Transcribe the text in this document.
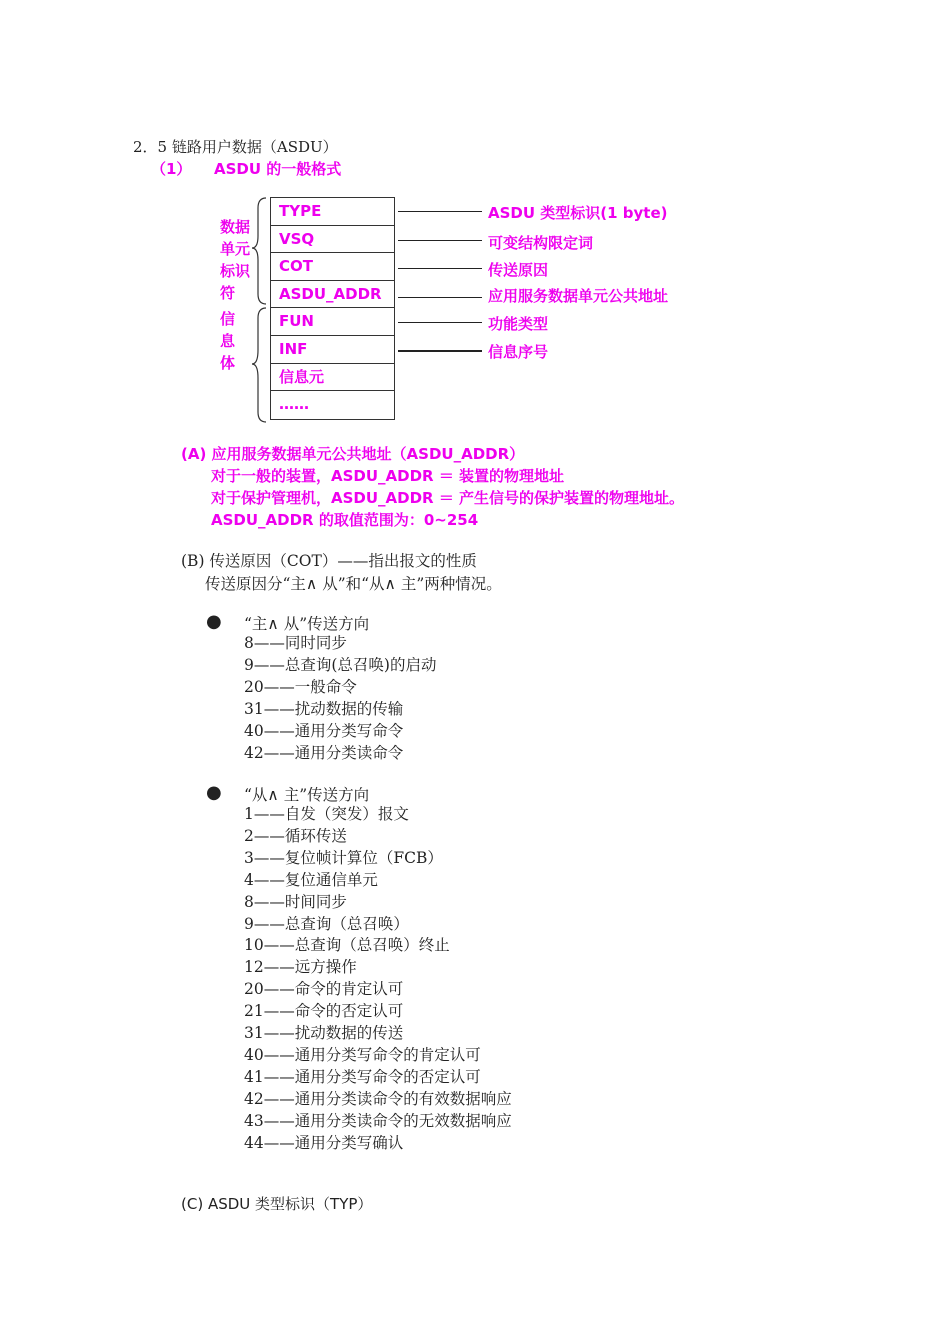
2．5 链路用户数据（ASDU）
（1） ASDU 的一般格式
数据
单元
标识
符
信
息
体
TYPE
VSQ
COT
ASDU_ADDR
FUN
INF
信息元
……
ASDU 类型标识(1 byte)
可变结构限定词
传送原因
应用服务数据单元公共地址
功能类型
信息序号
(A) 应用服务数据单元公共地址（ASDU_ADDR）
对于一般的装置，ASDU_ADDR ＝ 装置的物理地址
对于保护管理机，ASDU_ADDR ＝ 产生信号的保护装置的物理地址。
ASDU_ADDR 的取值范围为：0~254
(B) 传送原因（COT）——指出报文的性质
传送原因分“主∧ 从”和“从∧ 主”两种情况。
● “主∧ 从”传送方向
8——同时同步
9——总查询(总召唤)的启动
20——一般命令
31——扰动数据的传输
40——通用分类写命令
42——通用分类读命令
● “从∧ 主”传送方向
1——自发（突发）报文
2——循环传送
3——复位帧计算位（FCB）
4——复位通信单元
8——时间同步
9——总查询（总召唤）
10——总查询（总召唤）终止
12——远方操作
20——命令的肯定认可
21——命令的否定认可
31——扰动数据的传送
40——通用分类写命令的肯定认可
41——通用分类写命令的否定认可
42——通用分类读命令的有效数据响应
43——通用分类读命令的无效数据响应
44——通用分类写确认
(C) ASDU 类型标识（TYP）
